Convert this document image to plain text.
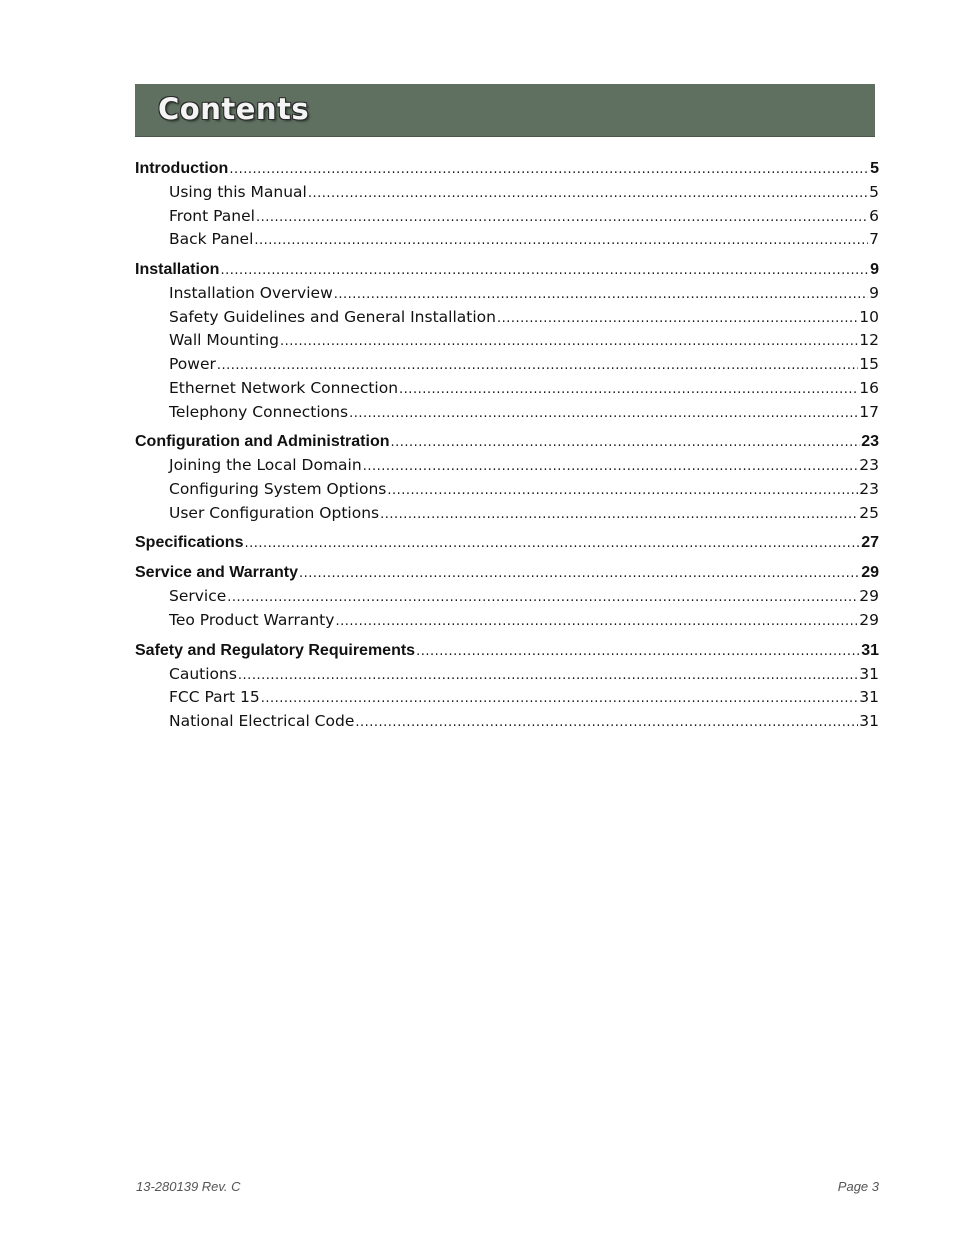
Contents
Introduction .....	5
Using this Manual .....	5
Front Panel .....	6
Back Panel .....	7
Installation .....	9
Installation Overview .....	9
Safety Guidelines and General Installation .....	10
Wall Mounting .....	12
Power .....	15
Ethernet Network Connection .....	16
Telephony Connections .....	17
Configuration and Administration .....	23
Joining the Local Domain .....	23
Configuring System Options .....	23
User Configuration Options .....	25
Specifications .....	27
Service and Warranty .....	29
Service .....	29
Teo Product Warranty .....	29
Safety and Regulatory Requirements .....	31
Cautions .....	31
FCC Part 15 .....	31
National Electrical Code .....	31
13-280139 Rev. C	Page 3
